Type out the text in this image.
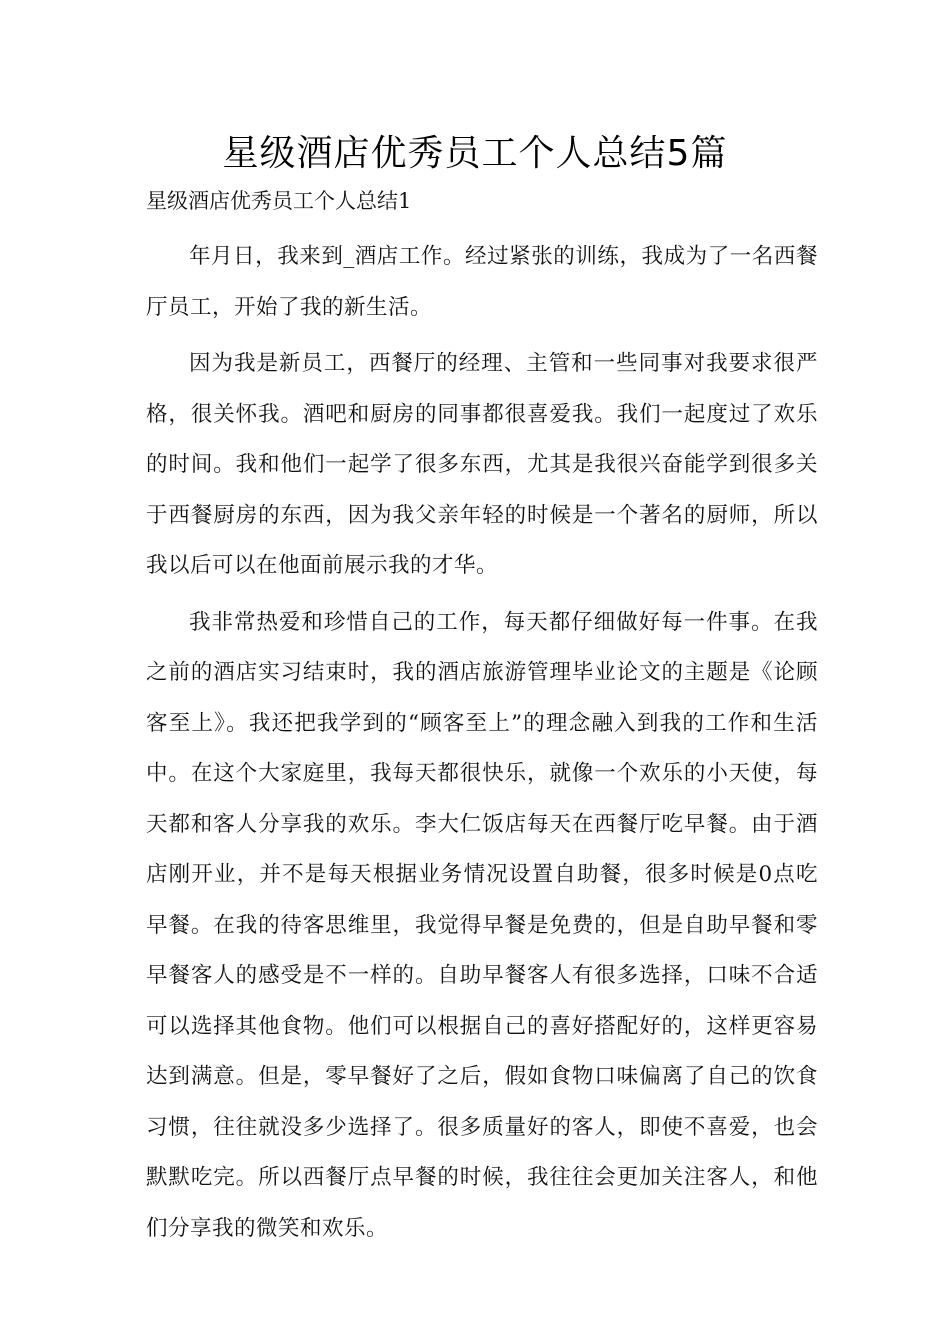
星级酒店优秀员工个人总结5篇
星级酒店优秀员工个人总结1

年月日，我来到_酒店工作。经过紧张的训练，我成为了一名西餐厅员工，开始了我的新生活。

因为我是新员工，西餐厅的经理、主管和一些同事对我要求很严格，很关怀我。酒吧和厨房的同事都很喜爱我。我们一起度过了欢乐的时间。我和他们一起学了很多东西，尤其是我很兴奋能学到很多关于西餐厨房的东西，因为我父亲年轻的时候是一个著名的厨师，所以我以后可以在他面前展示我的才华。

我非常热爱和珍惜自己的工作，每天都仔细做好每一件事。在我之前的酒店实习结束时，我的酒店旅游管理毕业论文的主题是《论顾客至上》。我还把我学到的“顾客至上”的理念融入到我的工作和生活中。在这个大家庭里，我每天都很快乐，就像一个欢乐的小天使，每天都和客人分享我的欢乐。李大仁饭店每天在西餐厅吃早餐。由于酒店刚开业，并不是每天根据业务情况设置自助餐，很多时候是0点吃早餐。在我的待客思维里，我觉得早餐是免费的，但是自助早餐和零早餐客人的感受是不一样的。自助早餐客人有很多选择，口味不合适可以选择其他食物。他们可以根据自己的喜好搭配好的，这样更容易达到满意。但是，零早餐好了之后，假如食物口味偏离了自己的饮食习惯，往往就没多少选择了。很多质量好的客人，即使不喜爱，也会默默吃完。所以西餐厅点早餐的时候，我往往会更加关注客人，和他们分享我的微笑和欢乐。
